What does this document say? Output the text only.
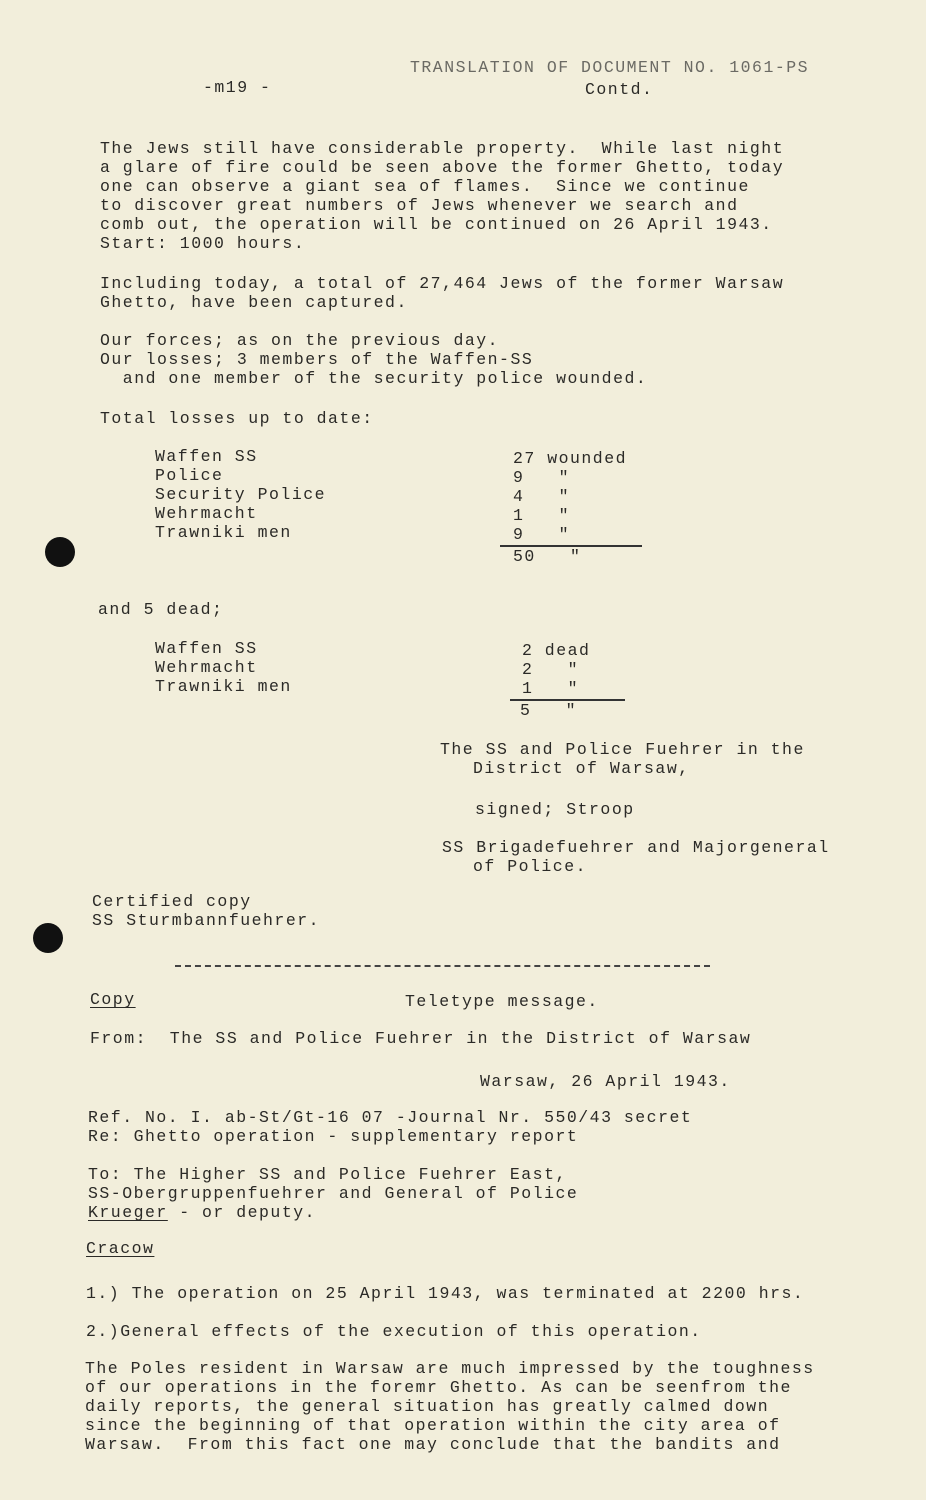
-m19 -
TRANSLATION OF DOCUMENT NO. 1061-PS
Contd.
The Jews still have considerable property.  While last night
a glare of fire could be seen above the former Ghetto, today
one can observe a giant sea of flames.  Since we continue
to discover great numbers of Jews whenever we search and
comb out, the operation will be continued on 26 April 1943.
Start: 1000 hours.
Including today, a total of 27,464 Jews of the former Warsaw
Ghetto, have been captured.
Our forces; as on the previous day.
Our losses; 3 members of the Waffen-SS
and one member of the security police wounded.
Total losses up to date:
Waffen SS
Police
Security Police
Wehrmacht
Trawniki men
27 wounded
9   "
4   "
1   "
9   "
50   "
and 5 dead;
Waffen SS
Wehrmacht
Trawniki men
2 dead
2   "
1   "
5   "
The SS and Police Fuehrer in the
District of Warsaw,
signed; Stroop
SS Brigadefuehrer and Majorgeneral
of Police.
Certified copy
SS Sturmbannfuehrer.
Copy	Teletype message.
From:  The SS and Police Fuehrer in the District of Warsaw
Warsaw, 26 April 1943.
Ref. No. I. ab-St/Gt-16 07 -Journal Nr. 550/43 secret
Re: Ghetto operation - supplementary report
To: The Higher SS and Police Fuehrer East,
SS-Obergruppenfuehrer and General of Police
Krueger - or deputy.
Cracow
1.) The operation on 25 April 1943, was terminated at 2200 hrs.
2.)General effects of the execution of this operation.
The Poles resident in Warsaw are much impressed by the toughness
of our operations in the foremr Ghetto. As can be seenfrom the
daily reports, the general situation has greatly calmed down
since the beginning of that operation within the city area of
Warsaw.  From this fact one may conclude that the bandits and
